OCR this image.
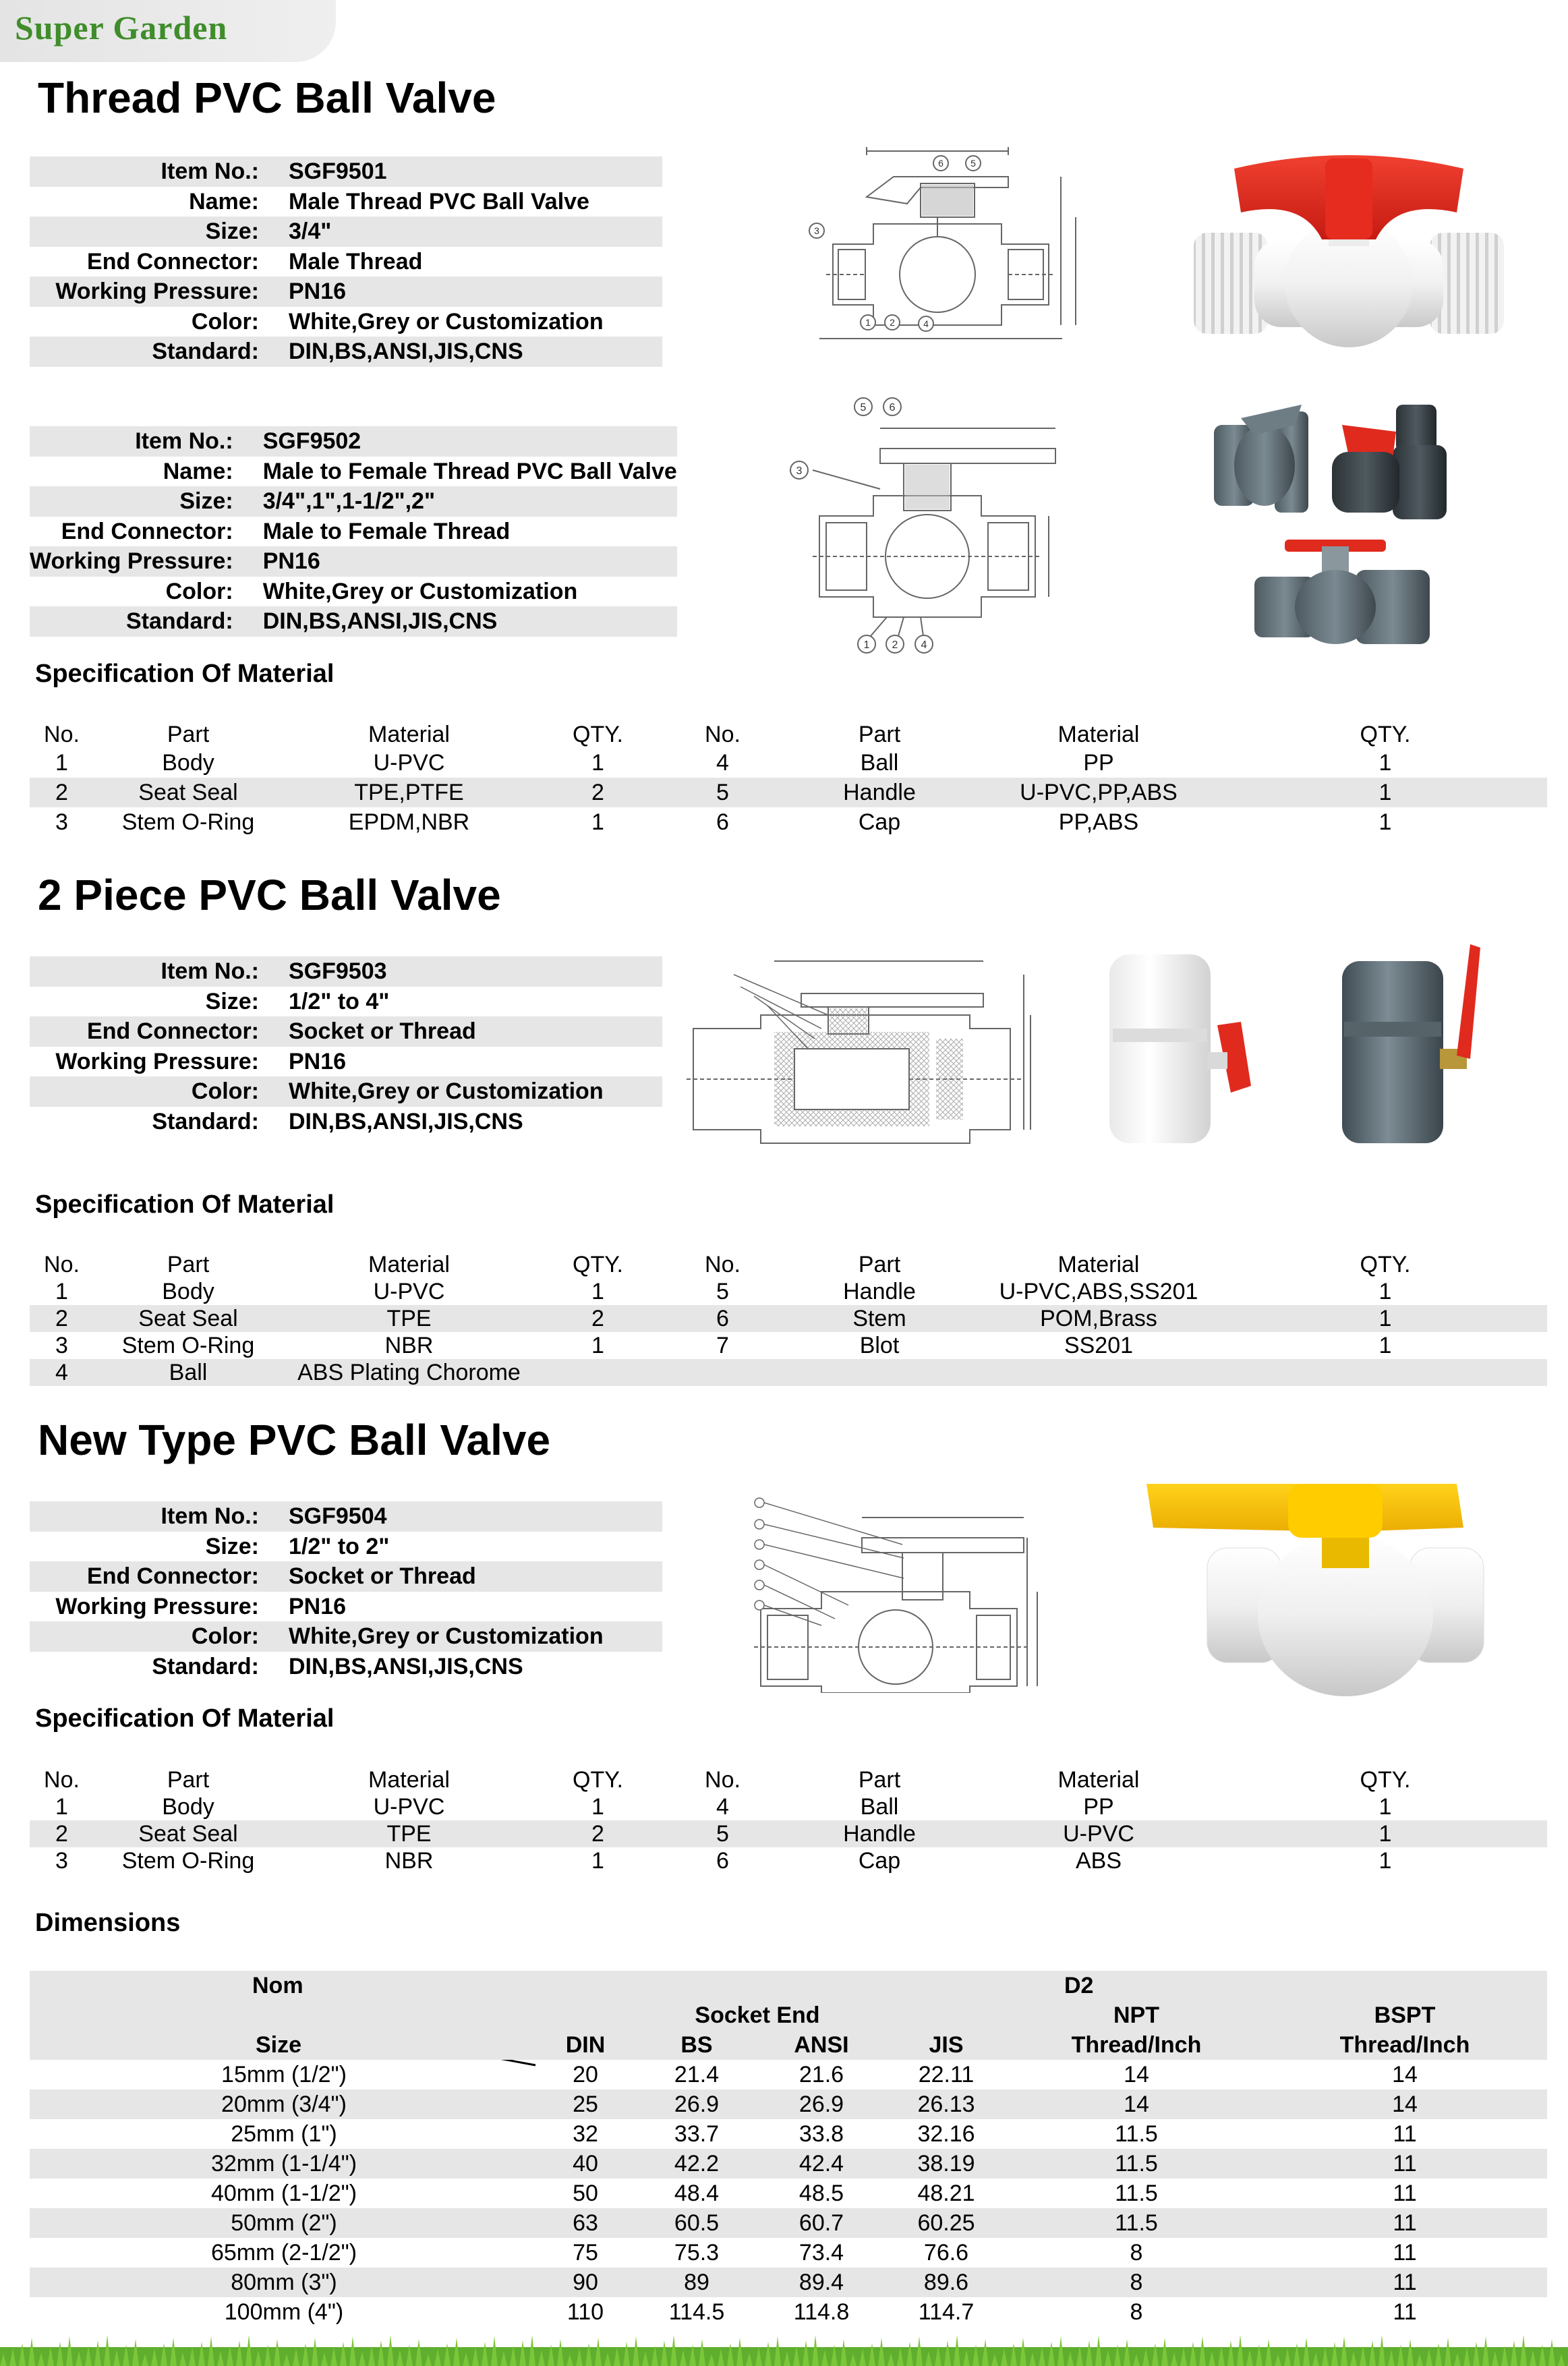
Super Garden
Thread PVC Ball Valve
Item No.:	SGF9501
Name:	Male Thread PVC Ball Valve
Size:	3/4"
End Connector:	Male Thread
Working Pressure:	PN16
Color:	White,Grey or Customization
Standard:	DIN,BS,ANSI,JIS,CNS
6	5
3
1 2	4
Item No.:	SGF9502
Name:	Male to Female Thread PVC Ball Valve
Size:	3/4",1",1-1/2",2"
End Connector:	Male to Female Thread
Working Pressure:	PN16
Color:	White,Grey or Customization
Standard:	DIN,BS,ANSI,JIS,CNS
5 6
3
1 2 4
Specification Of Material
No.	Part	Material	QTY.	No.	Part	Material	QTY.
1	Body	U-PVC	1	4	Ball	PP	1
2	Seat Seal	TPE,PTFE	2	5	Handle	U-PVC,PP,ABS	1
3	Stem O-Ring	EPDM,NBR	1	6	Cap	PP,ABS	1
2 Piece PVC Ball Valve
Item No.:	SGF9503
Size:	1/2" to 4"
End Connector:	Socket or Thread
Working Pressure:	PN16
Color:	White,Grey or Customization
Standard:	DIN,BS,ANSI,JIS,CNS
Specification Of Material
No.	Part	Material	QTY.	No.	Part	Material	QTY.
1	Body	U-PVC	1	5	Handle	U-PVC,ABS,SS201	1
2	Seat Seal	TPE	2	6	Stem	POM,Brass	1
3	Stem O-Ring	NBR	1	7	Blot	SS201	1
4	Ball	ABS Plating Chorome					
New Type PVC Ball Valve
Item No.:	SGF9504
Size:	1/2" to 2"
End Connector:	Socket or Thread
Working Pressure:	PN16
Color:	White,Grey or Customization
Standard:	DIN,BS,ANSI,JIS,CNS
Specification Of Material
No.	Part	Material	QTY.	No.	Part	Material	QTY.
1	Body	U-PVC	1	4	Ball	PP	1
2	Seat Seal	TPE	2	5	Handle	U-PVC	1
3	Stem O-Ring	NBR	1	6	Cap	ABS	1
Dimensions
Nom					D2	
		Socket End			NPT	BSPT
Size	DIN	BS	ANSI	JIS	Thread/Inch	Thread/Inch
15mm (1/2")	20	21.4	21.6	22.11	14	14
20mm (3/4")	25	26.9	26.9	26.13	14	14
25mm (1")	32	33.7	33.8	32.16	11.5	11
32mm (1-1/4")	40	42.2	42.4	38.19	11.5	11
40mm (1-1/2")	50	48.4	48.5	48.21	11.5	11
50mm (2")	63	60.5	60.7	60.25	11.5	11
65mm (2-1/2")	75	75.3	73.4	76.6	8	11
80mm (3")	90	89	89.4	89.6	8	11
100mm (4")	110	114.5	114.8	114.7	8	11
